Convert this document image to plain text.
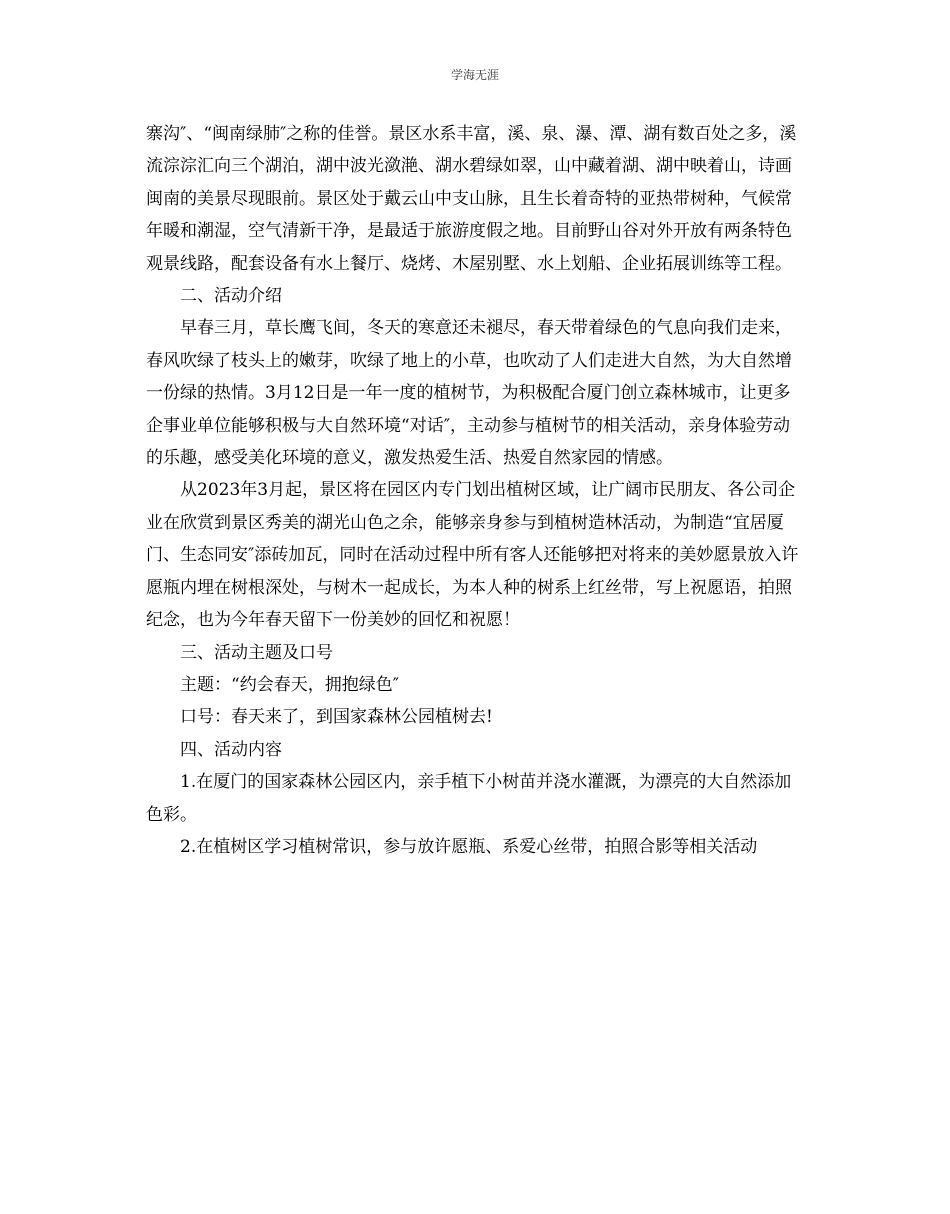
学海无涯

寨沟″、“闽南绿肺″之称的佳誉。景区水系丰富，溪、泉、瀑、潭、湖有数百处之多，溪流淙淙汇向三个湖泊，湖中波光潋滟、湖水碧绿如翠，山中藏着湖、湖中映着山，诗画闽南的美景尽现眼前。景区处于戴云山中支山脉，且生长着奇特的亚热带树种，气候常年暖和潮湿，空气清新干净，是最适于旅游度假之地。目前野山谷对外开放有两条特色观景线路，配套设备有水上餐厅、烧烤、木屋别墅、水上划船、企业拓展训练等工程。

二、活动介绍

早春三月，草长鹰飞间，冬天的寒意还未褪尽，春天带着绿色的气息向我们走来，春风吹绿了枝头上的嫩芽，吹绿了地上的小草，也吹动了人们走进大自然，为大自然增一份绿的热情。3月12日是一年一度的植树节，为积极配合厦门创立森林城市，让更多企事业单位能够积极与大自然环境“对话″，主动参与植树节的相关活动，亲身体验劳动的乐趣，感受美化环境的意义，激发热爱生活、热爱自然家园的情感。

从2023年3月起，景区将在园区内专门划出植树区域，让广阔市民朋友、各公司企业在欣赏到景区秀美的湖光山色之余，能够亲身参与到植树造林活动，为制造“宜居厦门、生态同安″添砖加瓦，同时在活动过程中所有客人还能够把对将来的美妙愿景放入许愿瓶内埋在树根深处，与树木一起成长，为本人种的树系上红丝带，写上祝愿语，拍照纪念，也为今年春天留下一份美妙的回忆和祝愿！

三、活动主题及口号

主题：“约会春天，拥抱绿色″

口号：春天来了，到国家森林公园植树去!

四、活动内容

1.在厦门的国家森林公园区内，亲手植下小树苗并浇水灌溉，为漂亮的大自然添加色彩。

2.在植树区学习植树常识，参与放许愿瓶、系爱心丝带，拍照合影等相关活动
